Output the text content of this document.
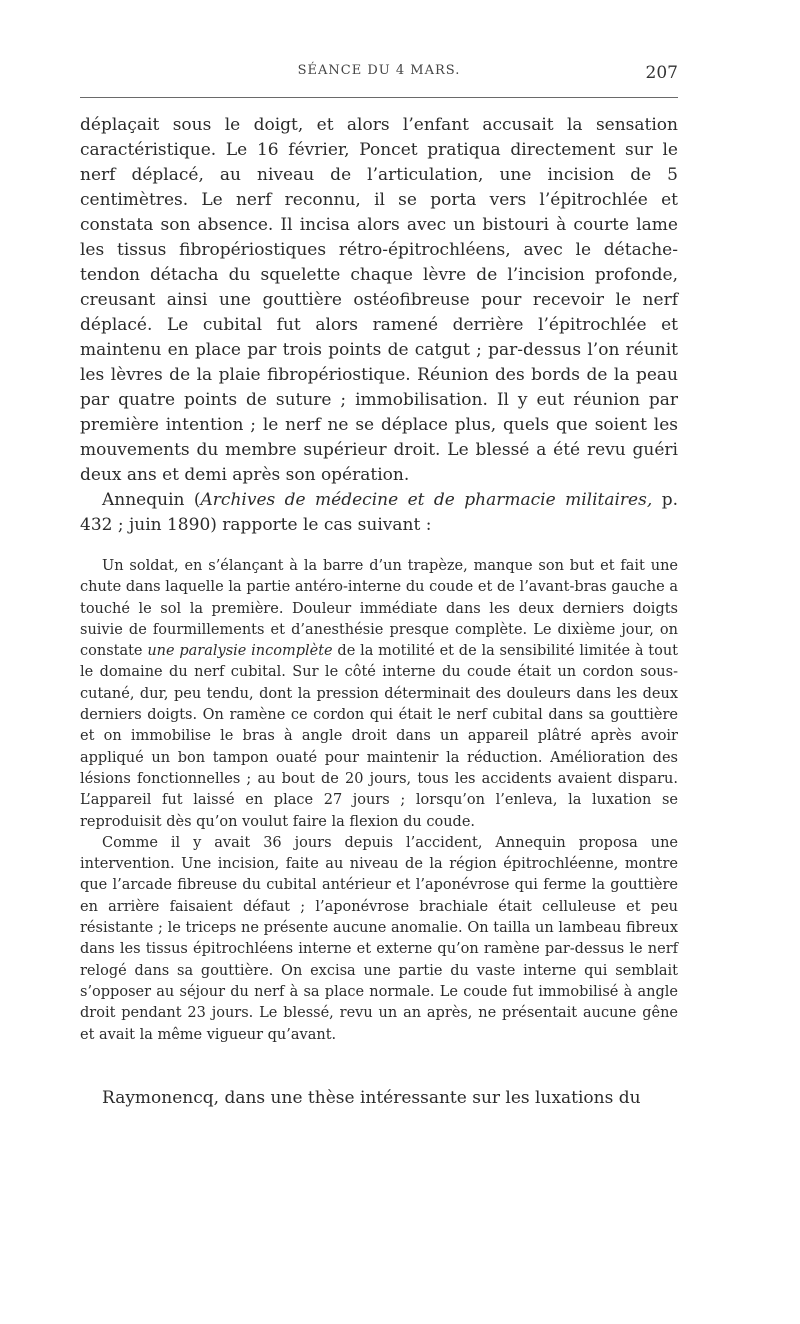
SÉANCE DU 4 MARS.	207

déplaçait sous le doigt, et alors l’enfant accusait la sensation caractéristique. Le 16 février, Poncet pratiqua directement sur le nerf déplacé, au niveau de l’articulation, une incision de 5 centimètres. Le nerf reconnu, il se porta vers l’épitrochlée et constata son absence. Il incisa alors avec un bistouri à courte lame les tissus fibropériostiques rétro-épitrochléens, avec le détache-tendon détacha du squelette chaque lèvre de l’incision profonde, creusant ainsi une gouttière ostéofibreuse pour recevoir le nerf déplacé. Le cubital fut alors ramené derrière l’épitrochlée et maintenu en place par trois points de catgut ; par-dessus l’on réunit les lèvres de la plaie fibropériostique. Réunion des bords de la peau par quatre points de suture ; immobilisation. Il y eut réunion par première intention ; le nerf ne se déplace plus, quels que soient les mouvements du membre supérieur droit. Le blessé a été revu guéri deux ans et demi après son opération.

Annequin (Archives de médecine et de pharmacie militaires, p. 432 ; juin 1890) rapporte le cas suivant :

Un soldat, en s’élançant à la barre d’un trapèze, manque son but et fait une chute dans laquelle la partie antéro-interne du coude et de l’avant-bras gauche a touché le sol la première. Douleur immédiate dans les deux derniers doigts suivie de fourmillements et d’anesthésie presque complète. Le dixième jour, on constate une paralysie incomplète de la motilité et de la sensibilité limitée à tout le domaine du nerf cubital. Sur le côté interne du coude était un cordon sous-cutané, dur, peu tendu, dont la pression déterminait des douleurs dans les deux derniers doigts. On ramène ce cordon qui était le nerf cubital dans sa gouttière et on immobilise le bras à angle droit dans un appareil plâtré après avoir appliqué un bon tampon ouaté pour maintenir la réduction. Amélioration des lésions fonctionnelles ; au bout de 20 jours, tous les accidents avaient disparu. L’appareil fut laissé en place 27 jours ; lorsqu’on l’enleva, la luxation se reproduisit dès qu’on voulut faire la flexion du coude.

Comme il y avait 36 jours depuis l’accident, Annequin proposa une intervention. Une incision, faite au niveau de la région épitrochléenne, montre que l’arcade fibreuse du cubital antérieur et l’aponévrose qui ferme la gouttière en arrière faisaient défaut ; l’aponévrose brachiale était celluleuse et peu résistante ; le triceps ne présente aucune anomalie. On tailla un lambeau fibreux dans les tissus épitrochléens interne et externe qu’on ramène par-dessus le nerf relogé dans sa gouttière. On excisa une partie du vaste interne qui semblait s’opposer au séjour du nerf à sa place normale. Le coude fut immobilisé à angle droit pendant 23 jours. Le blessé, revu un an après, ne présentait aucune gêne et avait la même vigueur qu’avant.

Raymonencq, dans une thèse intéressante sur les luxations du
